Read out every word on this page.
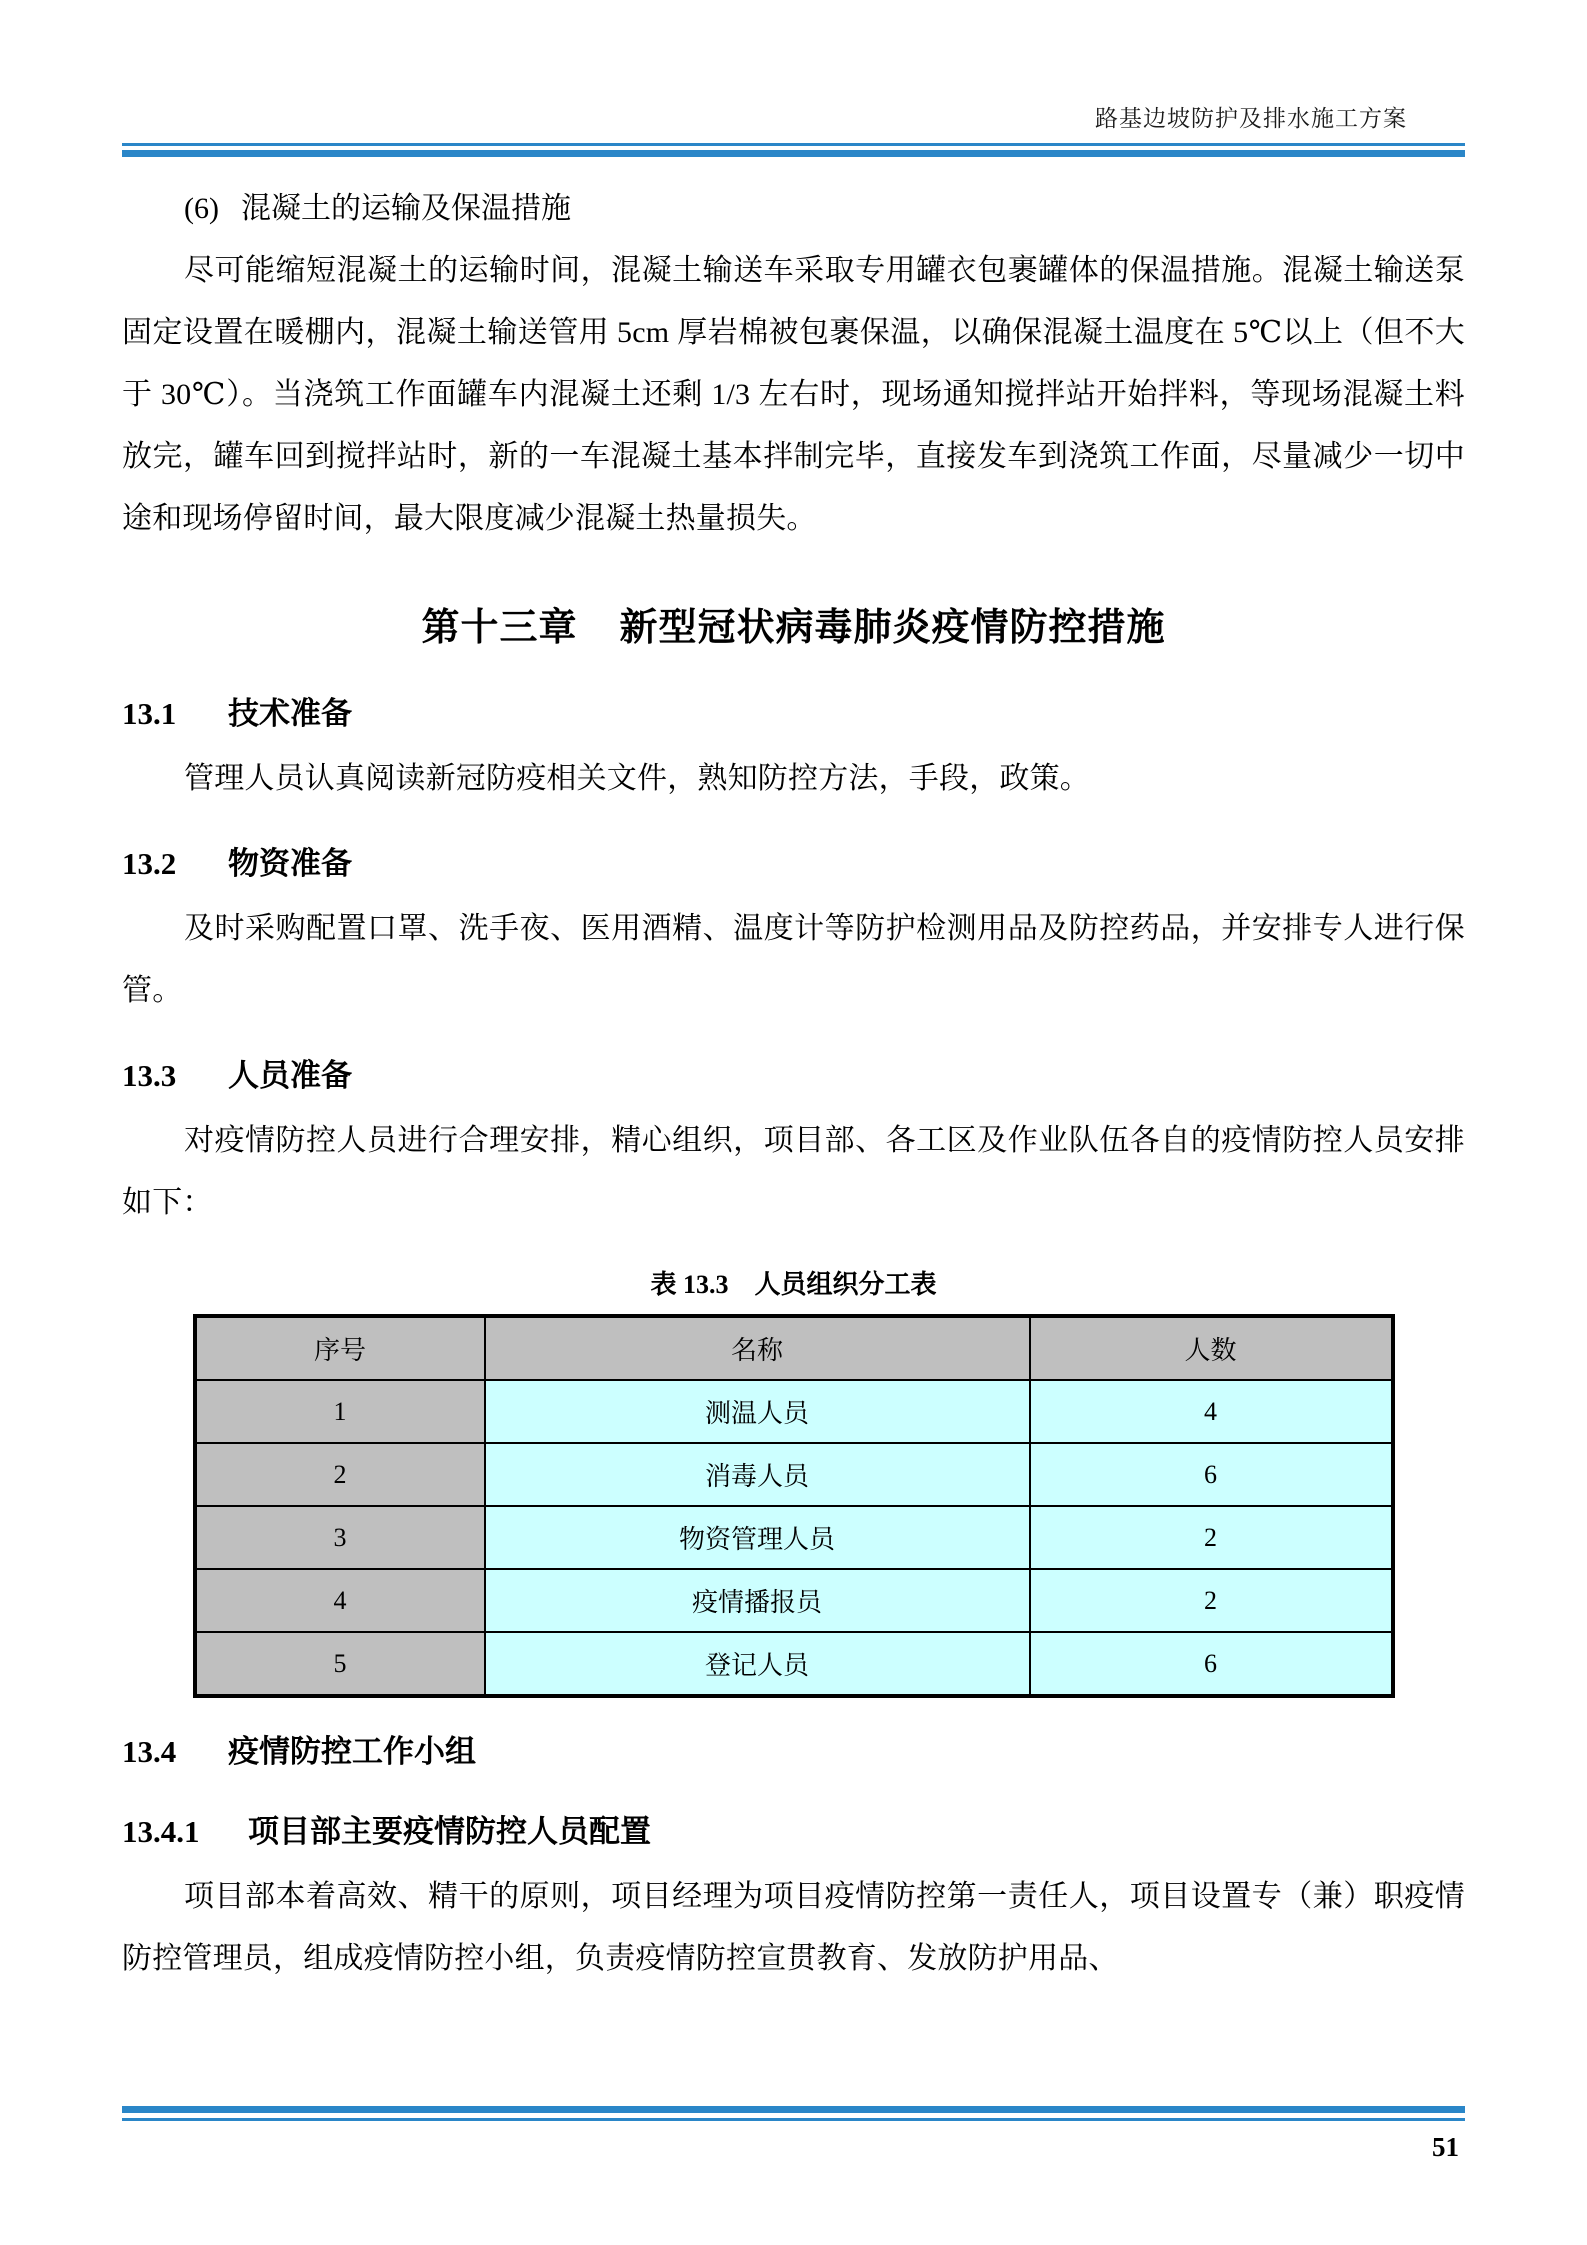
路基边坡防护及排水施工方案

(6) 混凝土的运输及保温措施

尽可能缩短混凝土的运输时间，混凝土输送车采取专用罐衣包裹罐体的保温措施。混凝土输送泵固定设置在暖棚内，混凝土输送管用 5cm 厚岩棉被包裹保温，以确保混凝土温度在 5℃以上（但不大于 30℃）。当浇筑工作面罐车内混凝土还剩 1/3 左右时，现场通知搅拌站开始拌料，等现场混凝土料放完，罐车回到搅拌站时，新的一车混凝土基本拌制完毕，直接发车到浇筑工作面，尽量减少一切中途和现场停留时间，最大限度减少混凝土热量损失。

第十三章 新型冠状病毒肺炎疫情防控措施
13.1 技术准备

管理人员认真阅读新冠防疫相关文件，熟知防控方法，手段，政策。

13.2 物资准备

及时采购配置口罩、洗手夜、医用酒精、温度计等防护检测用品及防控药品，并安排专人进行保管。

13.3 人员准备

对疫情防控人员进行合理安排，精心组织，项目部、各工区及作业队伍各自的疫情防控人员安排如下：

表 13.3 人员组织分工表
序号	名称	人数
1	测温人员	4
2	消毒人员	6
3	物资管理人员	2
4	疫情播报员	2
5	登记人员	6
13.4 疫情防控工作小组
13.4.1 项目部主要疫情防控人员配置

项目部本着高效、精干的原则，项目经理为项目疫情防控第一责任人，项目设置专（兼）职疫情防控管理员，组成疫情防控小组，负责疫情防控宣贯教育、发放防护用品、

51
